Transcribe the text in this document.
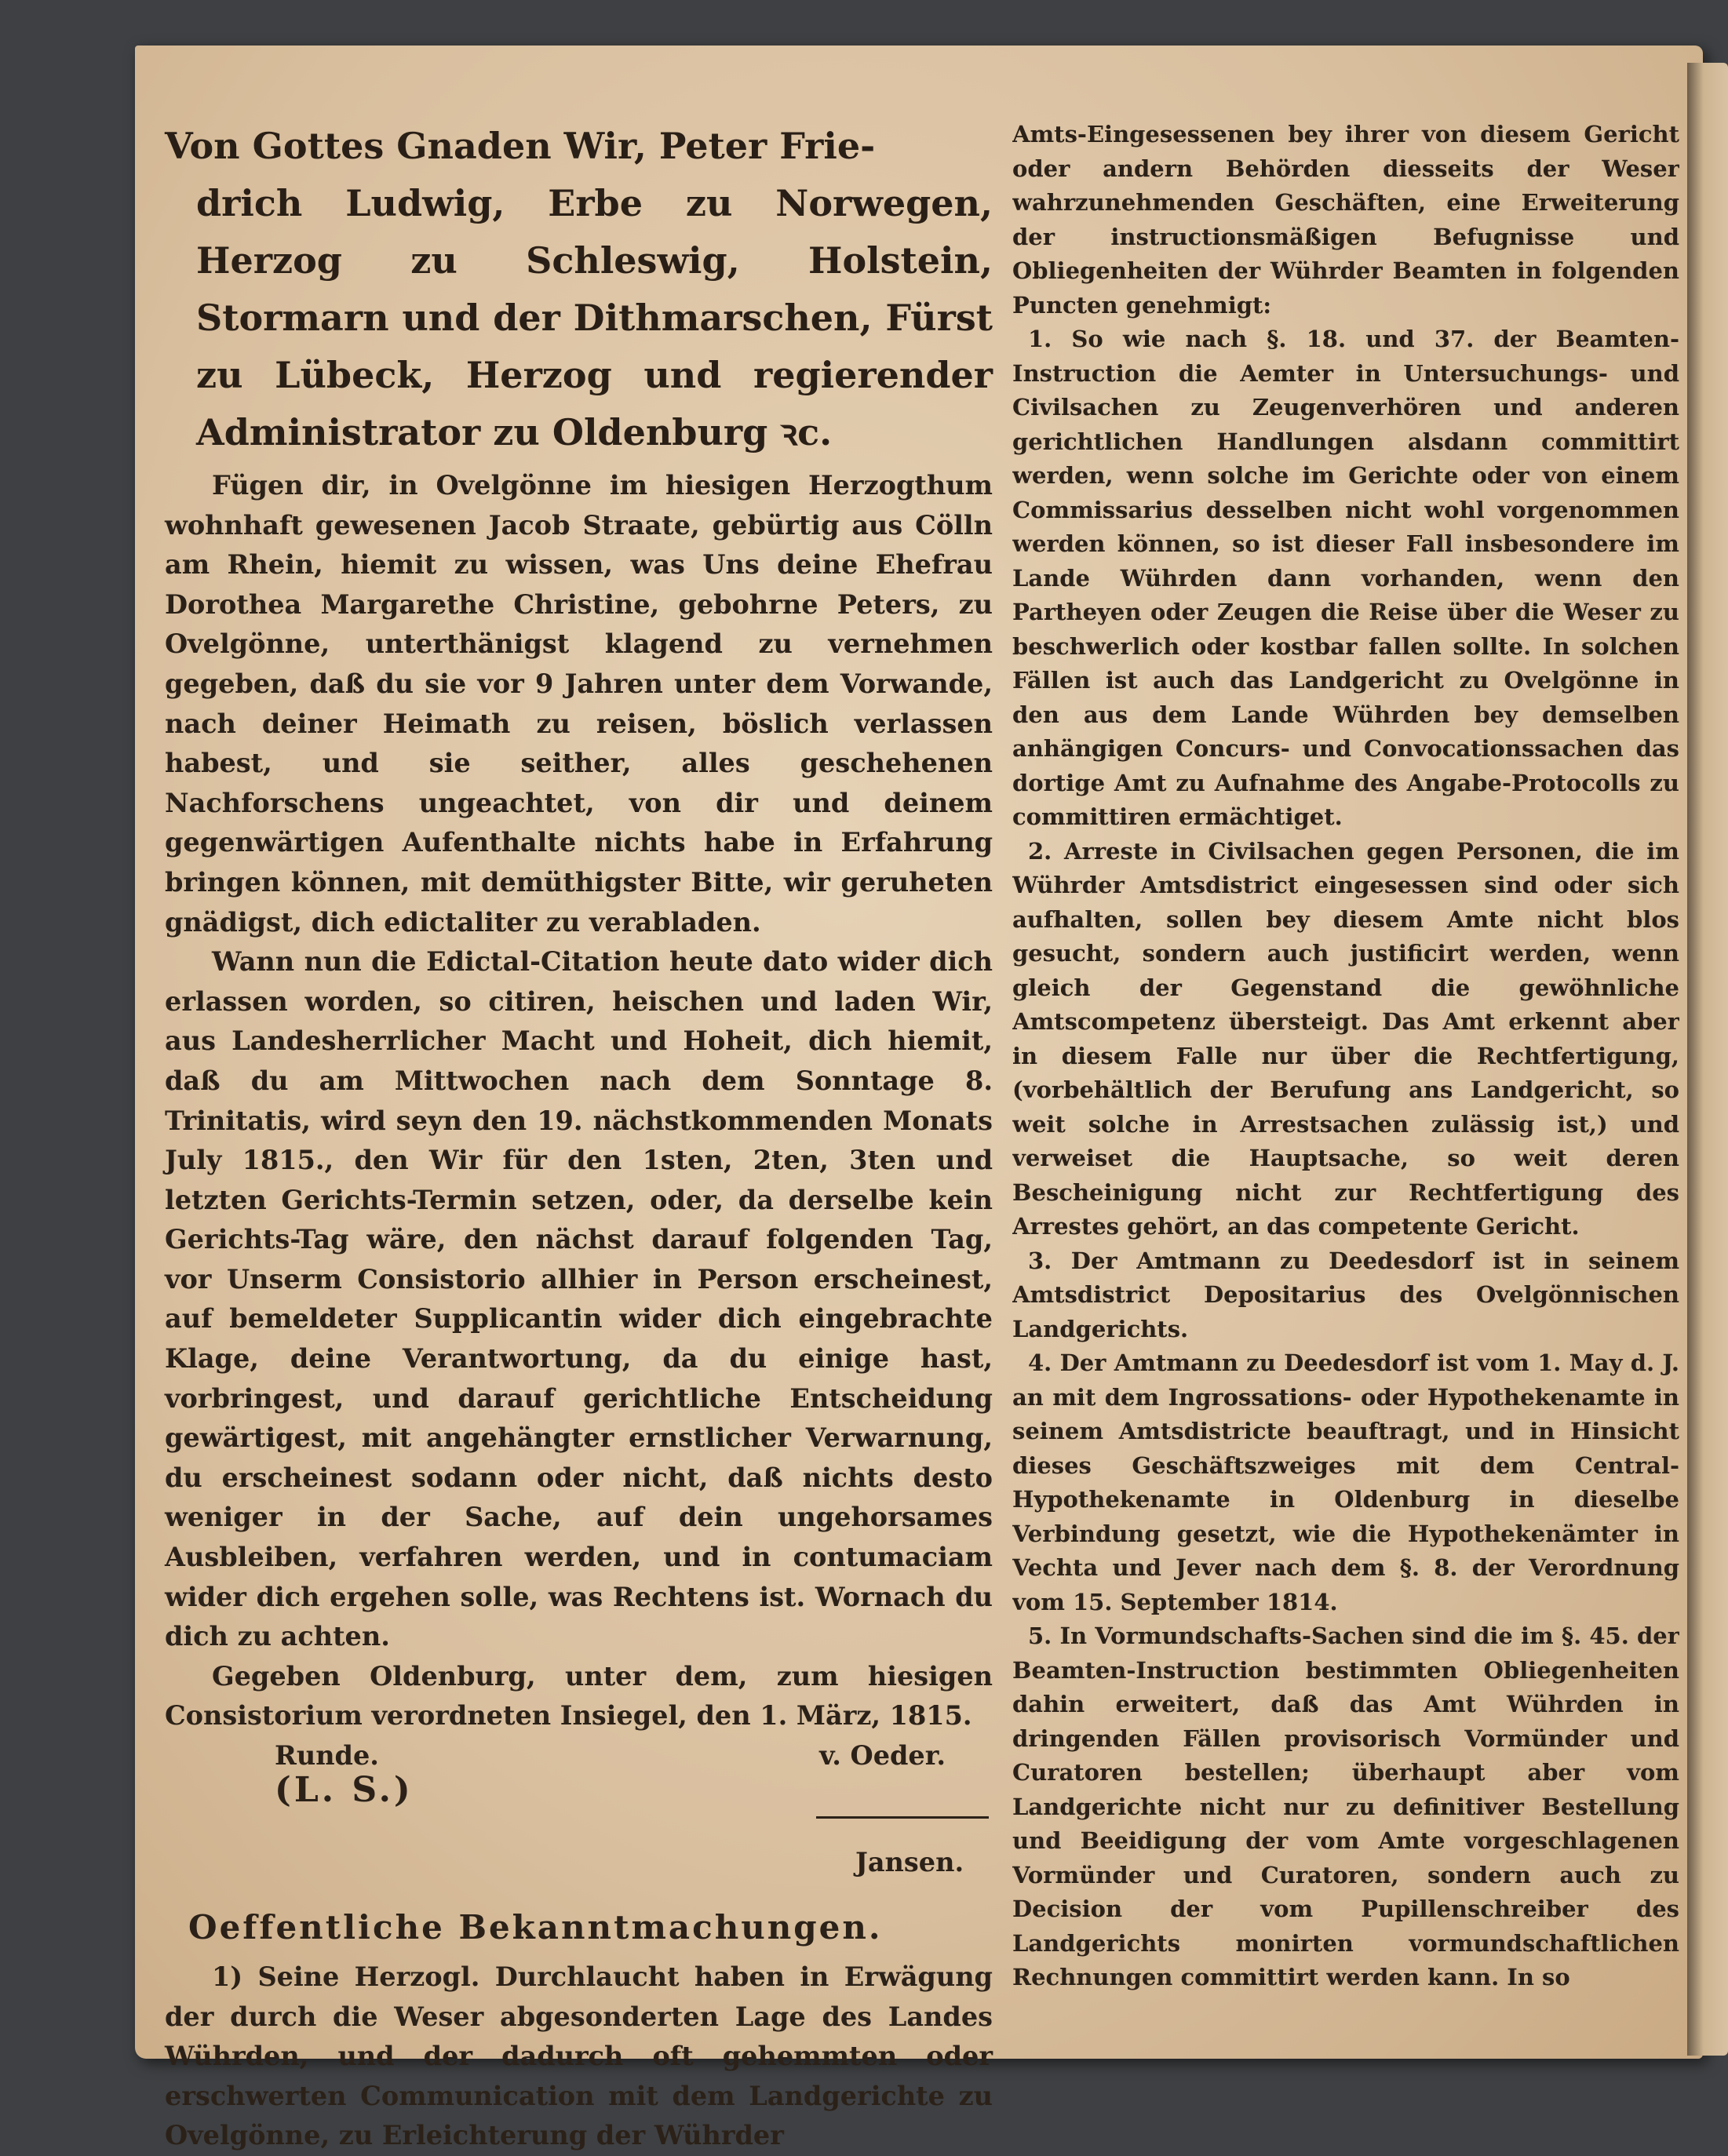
Von Gottes Gnaden Wir, Peter Frie-
drich Ludwig, Erbe zu Norwegen, Herzog zu Schleswig, Holstein, Stormarn und der Dithmarschen, Fürst zu Lübeck, Herzog und regierender Administrator zu Oldenburg ꝛc.

Fügen dir, in Ovelgönne im hiesigen Herzogthum wohnhaft gewesenen Jacob Straate, gebürtig aus Cölln am Rhein, hiemit zu wissen, was Uns deine Ehefrau Dorothea Margarethe Christine, gebohrne Peters, zu Ovelgönne, unterthänigst klagend zu vernehmen gegeben, daß du sie vor 9 Jahren unter dem Vorwande, nach deiner Heimath zu reisen, böslich verlassen habest, und sie seither, alles geschehenen Nachforschens ungeachtet, von dir und deinem gegenwärtigen Aufenthalte nichts habe in Erfahrung bringen können, mit demüthigster Bitte, wir geruheten gnädigst, dich edictaliter zu verabladen.

Wann nun die Edictal-Citation heute dato wider dich erlassen worden, so citiren, heischen und laden Wir, aus Landesherrlicher Macht und Hoheit, dich hiemit, daß du am Mittwochen nach dem Sonntage 8. Trinitatis, wird seyn den 19. nächstkommenden Monats July 1815., den Wir für den 1sten, 2ten, 3ten und letzten Gerichts-Termin setzen, oder, da derselbe kein Gerichts-Tag wäre, den nächst darauf folgenden Tag, vor Unserm Consistorio allhier in Person erscheinest, auf bemeldeter Supplicantin wider dich eingebrachte Klage, deine Verantwortung, da du einige hast, vorbringest, und darauf gerichtliche Entscheidung gewärtigest, mit angehängter ernstlicher Verwarnung, du erscheinest sodann oder nicht, daß nichts desto weniger in der Sache, auf dein ungehorsames Ausbleiben, verfahren werden, und in contumaciam wider dich ergehen solle, was Rechtens ist. Wornach du dich zu achten.

Gegeben Oldenburg, unter dem, zum hiesigen Consistorium verordneten Insiegel, den 1. März, 1815.

Runde.	v. Oeder.
(L. S.)
Jansen.
Oeffentliche Bekanntmachungen.

1) Seine Herzogl. Durchlaucht haben in Erwägung der durch die Weser abgesonderten Lage des Landes Wührden, und der dadurch oft gehemmten oder erschwerten Communication mit dem Landgerichte zu Ovelgönne, zu Erleichterung der Wührder

Amts-Eingesessenen bey ihrer von diesem Gericht oder andern Behörden diesseits der Weser wahrzunehmenden Geschäften, eine Erweiterung der instructionsmäßigen Befugnisse und Obliegenheiten der Wührder Beamten in folgenden Puncten genehmigt:

1. So wie nach §. 18. und 37. der Beamten-Instruction die Aemter in Untersuchungs- und Civilsachen zu Zeugenverhören und anderen gerichtlichen Handlungen alsdann committirt werden, wenn solche im Gerichte oder von einem Commissarius desselben nicht wohl vorgenommen werden können, so ist dieser Fall insbesondere im Lande Wührden dann vorhanden, wenn den Partheyen oder Zeugen die Reise über die Weser zu beschwerlich oder kostbar fallen sollte. In solchen Fällen ist auch das Landgericht zu Ovelgönne in den aus dem Lande Wührden bey demselben anhängigen Concurs- und Convocationssachen das dortige Amt zu Aufnahme des Angabe-Protocolls zu committiren ermächtiget.

2. Arreste in Civilsachen gegen Personen, die im Wührder Amtsdistrict eingesessen sind oder sich aufhalten, sollen bey diesem Amte nicht blos gesucht, sondern auch justificirt werden, wenn gleich der Gegenstand die gewöhnliche Amtscompetenz übersteigt. Das Amt erkennt aber in diesem Falle nur über die Rechtfertigung, (vorbehältlich der Berufung ans Landgericht, so weit solche in Arrestsachen zulässig ist,) und verweiset die Hauptsache, so weit deren Bescheinigung nicht zur Rechtfertigung des Arrestes gehört, an das competente Gericht.

3. Der Amtmann zu Deedesdorf ist in seinem Amtsdistrict Depositarius des Ovelgönnischen Landgerichts.

4. Der Amtmann zu Deedesdorf ist vom 1. May d. J. an mit dem Ingrossations- oder Hypothekenamte in seinem Amtsdistricte beauftragt, und in Hinsicht dieses Geschäftszweiges mit dem Central-Hypothekenamte in Oldenburg in dieselbe Verbindung gesetzt, wie die Hypothekenämter in Vechta und Jever nach dem §. 8. der Verordnung vom 15. September 1814.

5. In Vormundschafts-Sachen sind die im §. 45. der Beamten-Instruction bestimmten Obliegenheiten dahin erweitert, daß das Amt Wührden in dringenden Fällen provisorisch Vormünder und Curatoren bestellen; überhaupt aber vom Landgerichte nicht nur zu definitiver Bestellung und Beeidigung der vom Amte vorgeschlagenen Vormünder und Curatoren, sondern auch zu Decision der vom Pupillenschreiber des Landgerichts monirten vormundschaftlichen Rechnungen committirt werden kann. In so
